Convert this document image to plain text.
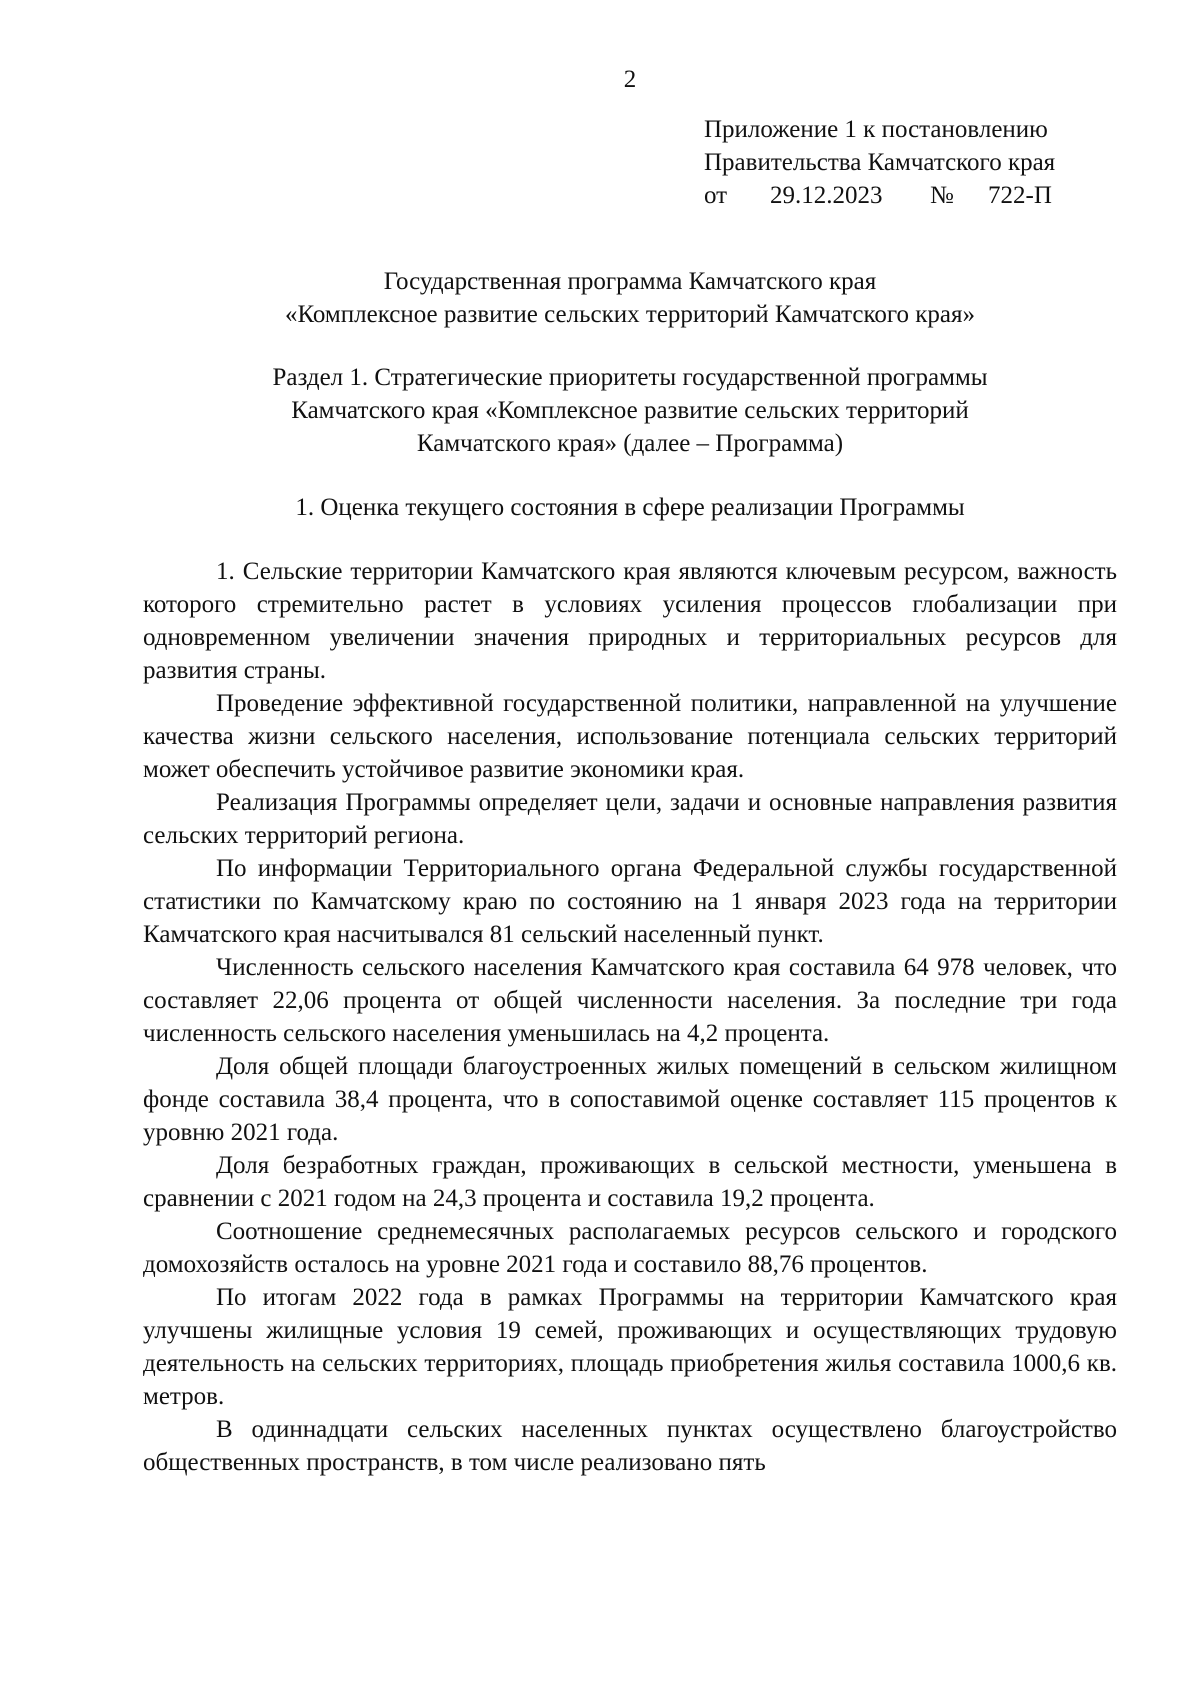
2
Приложение 1 к постановлению
Правительства Камчатского края
от 29.12.2023 № 722-П
Государственная программа Камчатского края
«Комплексное развитие сельских территорий Камчатского края»
Раздел 1. Стратегические приоритеты государственной программы
Камчатского края «Комплексное развитие сельских территорий
Камчатского края» (далее – Программа)
1. Оценка текущего состояния в сфере реализации Программы

1. Сельские территории Камчатского края являются ключевым ресурсом, важность которого стремительно растет в условиях усиления процессов глобализации при одновременном увеличении значения природных и территориальных ресурсов для развития страны.

Проведение эффективной государственной политики, направленной на улучшение качества жизни сельского населения, использование потенциала сельских территорий может обеспечить устойчивое развитие экономики края.

Реализация Программы определяет цели, задачи и основные направления развития сельских территорий региона.

По информации Территориального органа Федеральной службы государственной статистики по Камчатскому краю по состоянию на 1 января 2023 года на территории Камчатского края насчитывался 81 сельский населенный пункт.

Численность сельского населения Камчатского края составила 64 978 человек, что составляет 22,06 процента от общей численности населения. За последние три года численность сельского населения уменьшилась на 4,2 процента.

Доля общей площади благоустроенных жилых помещений в сельском жилищном фонде составила 38,4 процента, что в сопоставимой оценке составляет 115 процентов к уровню 2021 года.

Доля безработных граждан, проживающих в сельской местности, уменьшена в сравнении с 2021 годом на 24,3 процента и составила 19,2 процента.

Соотношение среднемесячных располагаемых ресурсов сельского и городского домохозяйств осталось на уровне 2021 года и составило 88,76 процентов.

По итогам 2022 года в рамках Программы на территории Камчатского края улучшены жилищные условия 19 семей, проживающих и осуществляющих трудовую деятельность на сельских территориях, площадь приобретения жилья составила 1000,6 кв. метров.

В одиннадцати сельских населенных пунктах осуществлено благоустройство общественных пространств, в том числе реализовано пять
